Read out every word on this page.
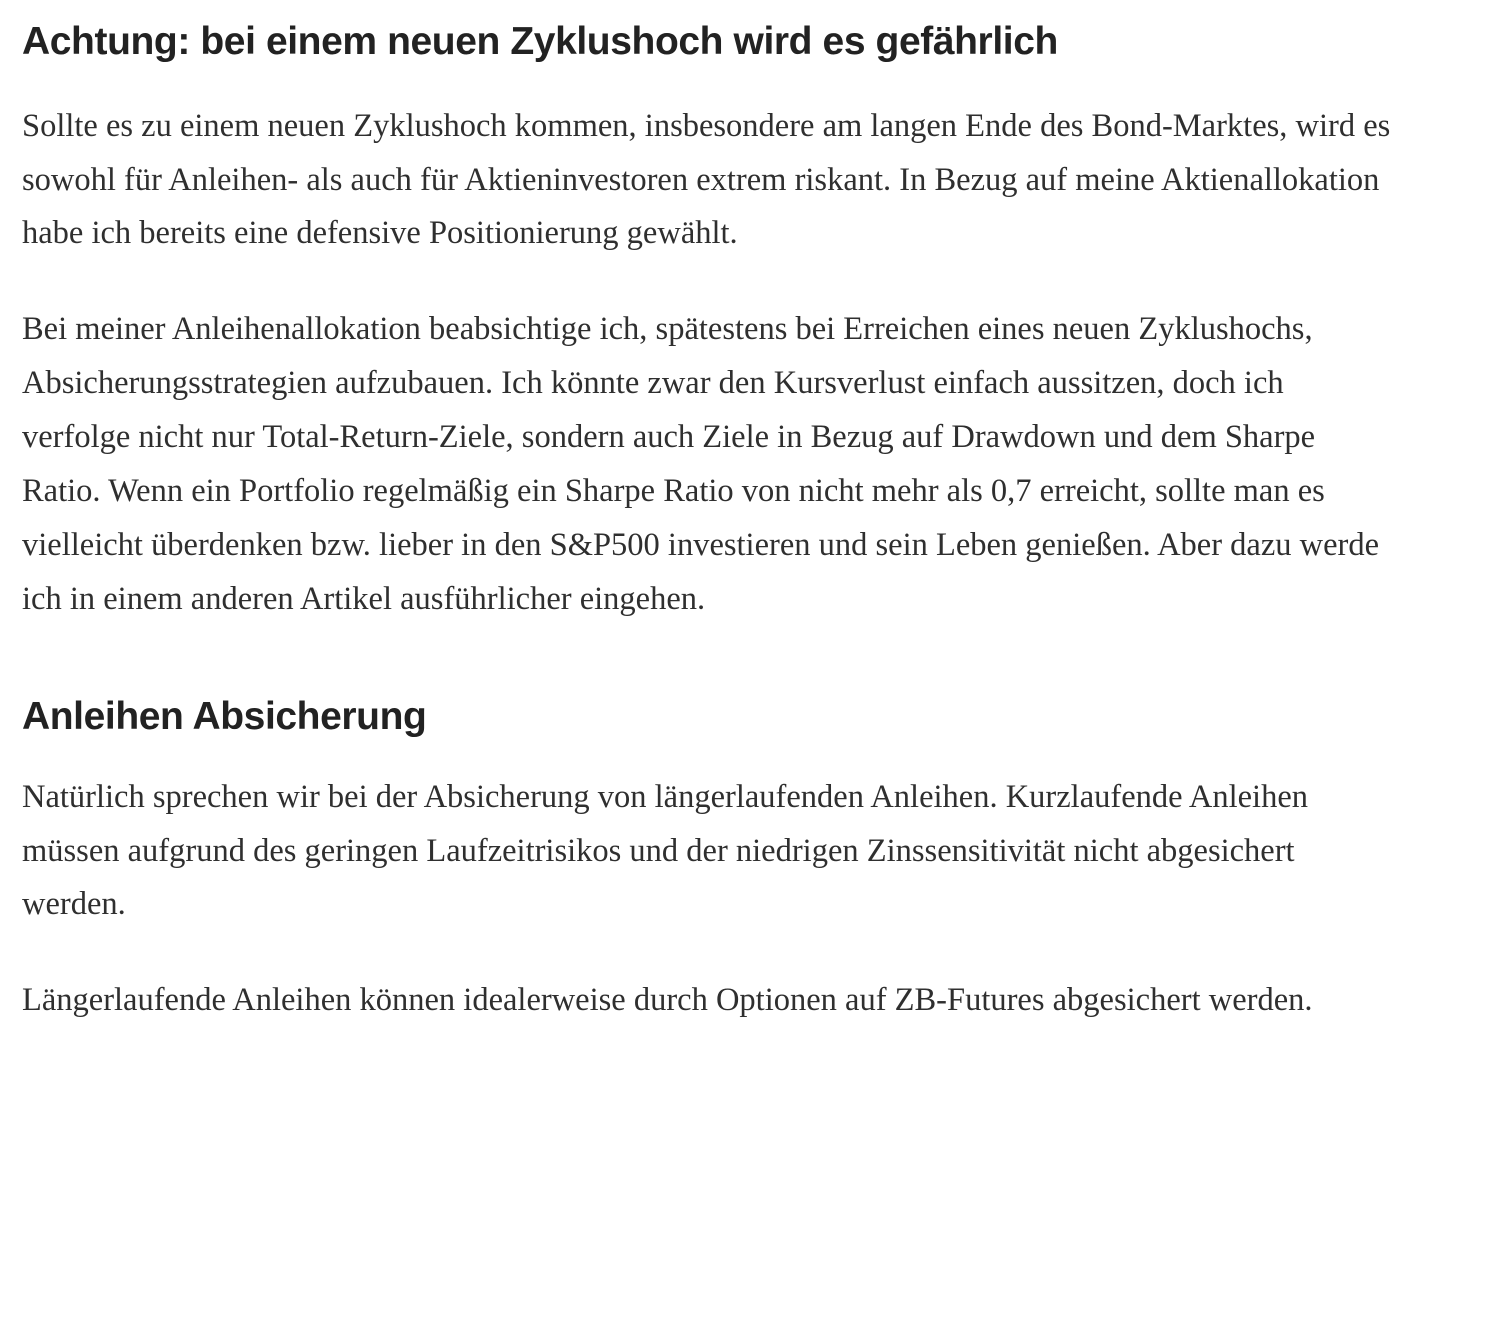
Achtung: bei einem neuen Zyklushoch wird es gefährlich

Sollte es zu einem neuen Zyklushoch kommen, insbesondere am langen Ende des Bond-Marktes, wird es sowohl für Anleihen- als auch für Aktieninvestoren extrem riskant. In Bezug auf meine Aktienallokation habe ich bereits eine defensive Positionierung gewählt.

Bei meiner Anleihenallokation beabsichtige ich, spätestens bei Erreichen eines neuen Zyklushochs, Absicherungsstrategien aufzubauen. Ich könnte zwar den Kursverlust einfach aussitzen, doch ich verfolge nicht nur Total-Return-Ziele, sondern auch Ziele in Bezug auf Drawdown und dem Sharpe Ratio. Wenn ein Portfolio regelmäßig ein Sharpe Ratio von nicht mehr als 0,7 erreicht, sollte man es vielleicht überdenken bzw. lieber in den S&P500 investieren und sein Leben genießen. Aber dazu werde ich in einem anderen Artikel ausführlicher eingehen.

Anleihen Absicherung

Natürlich sprechen wir bei der Absicherung von längerlaufenden Anleihen. Kurzlaufende Anleihen müssen aufgrund des geringen Laufzeitrisikos und der niedrigen Zinssensitivität nicht abgesichert werden.

Längerlaufende Anleihen können idealerweise durch Optionen auf ZB-Futures abgesichert werden.
